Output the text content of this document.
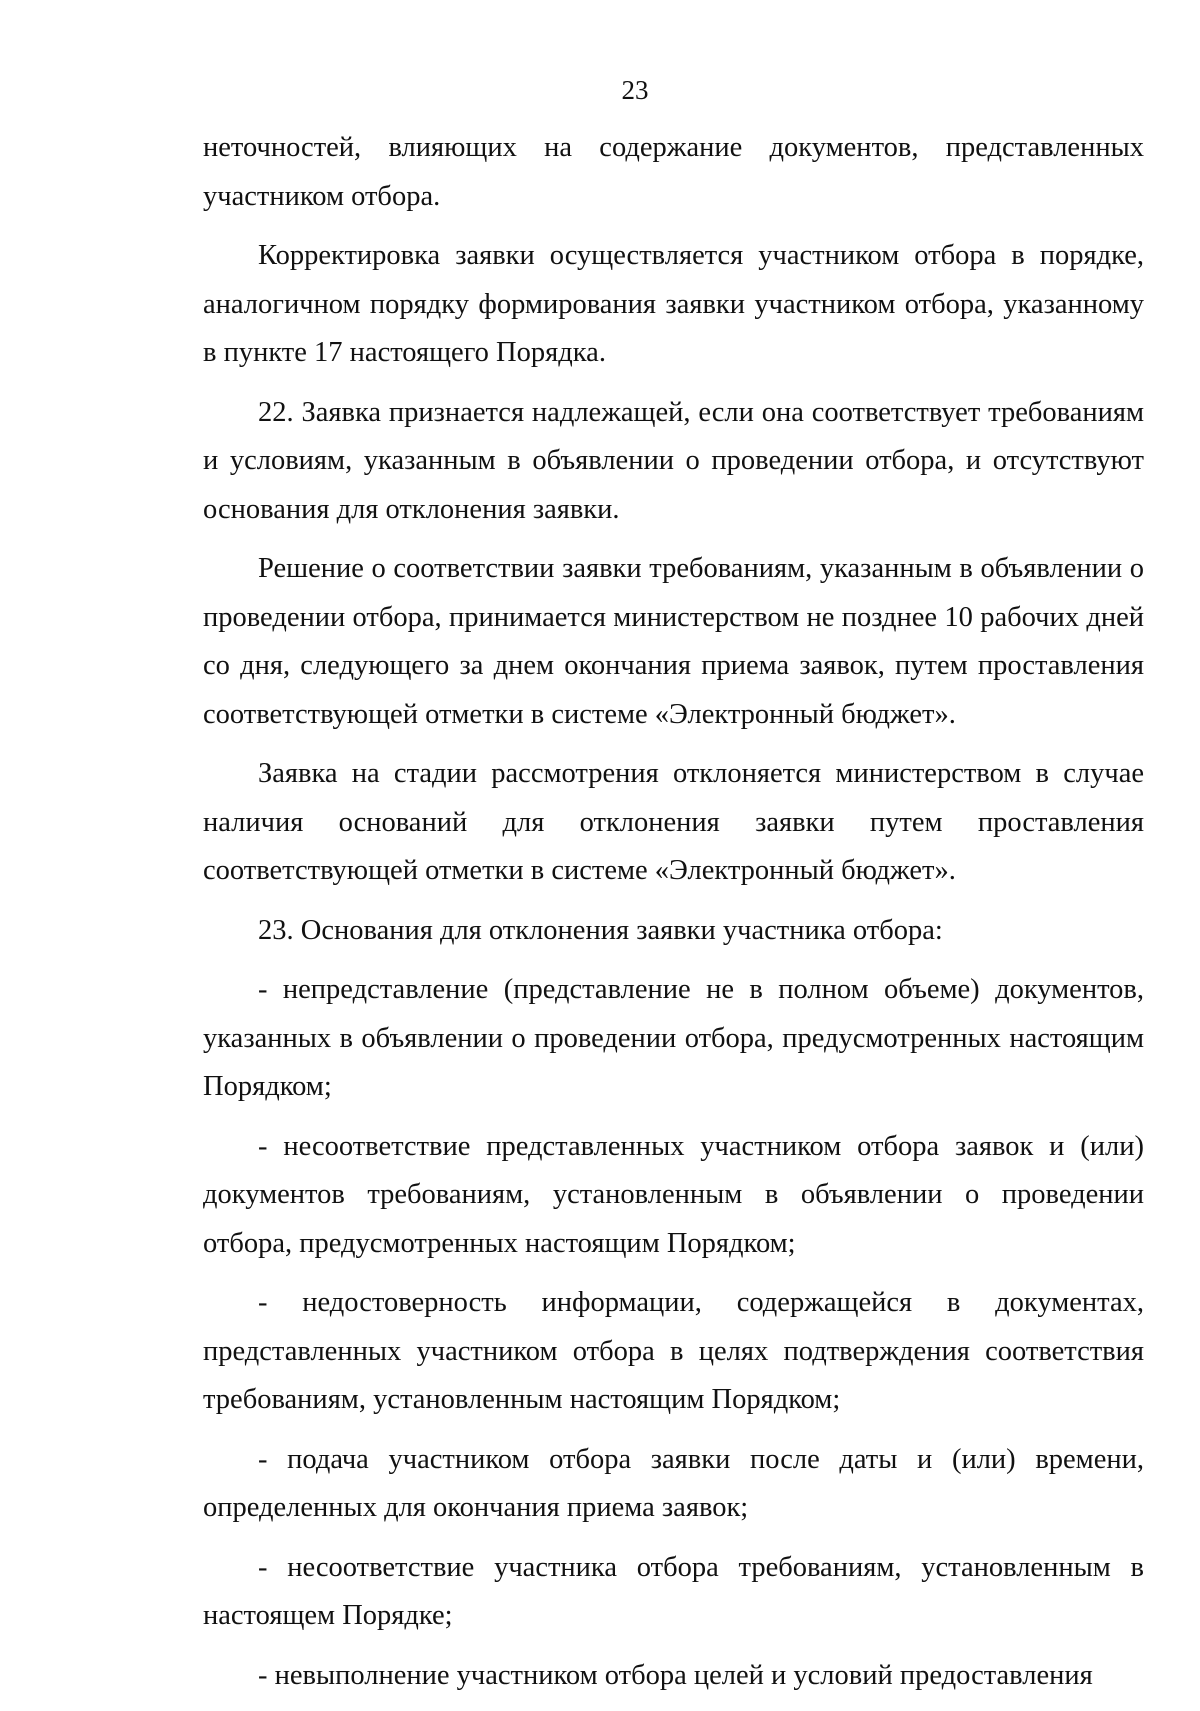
23

неточностей, влияющих на содержание документов, представленных участником отбора.

Корректировка заявки осуществляется участником отбора в порядке, аналогичном порядку формирования заявки участником отбора, указанному в пункте 17 настоящего Порядка.

22. Заявка признается надлежащей, если она соответствует требованиям и условиям, указанным в объявлении о проведении отбора, и отсутствуют основания для отклонения заявки.

Решение о соответствии заявки требованиям, указанным в объявлении о проведении отбора, принимается министерством не позднее 10 рабочих дней со дня, следующего за днем окончания приема заявок, путем проставления соответствующей отметки в системе «Электронный бюджет».

Заявка на стадии рассмотрения отклоняется министерством в случае наличия оснований для отклонения заявки путем проставления соответствующей отметки в системе «Электронный бюджет».

23. Основания для отклонения заявки участника отбора:

- непредставление (представление не в полном объеме) документов, указанных в объявлении о проведении отбора, предусмотренных настоящим Порядком;

- несоответствие представленных участником отбора заявок и (или) документов требованиям, установленным в объявлении о проведении отбора, предусмотренных настоящим Порядком;

- недостоверность информации, содержащейся в документах, представленных участником отбора в целях подтверждения соответствия требованиям, установленным настоящим Порядком;

- подача участником отбора заявки после даты и (или) времени, определенных для окончания приема заявок;

- несоответствие участника отбора требованиям, установленным в настоящем Порядке;

- невыполнение участником отбора целей и условий предоставления
